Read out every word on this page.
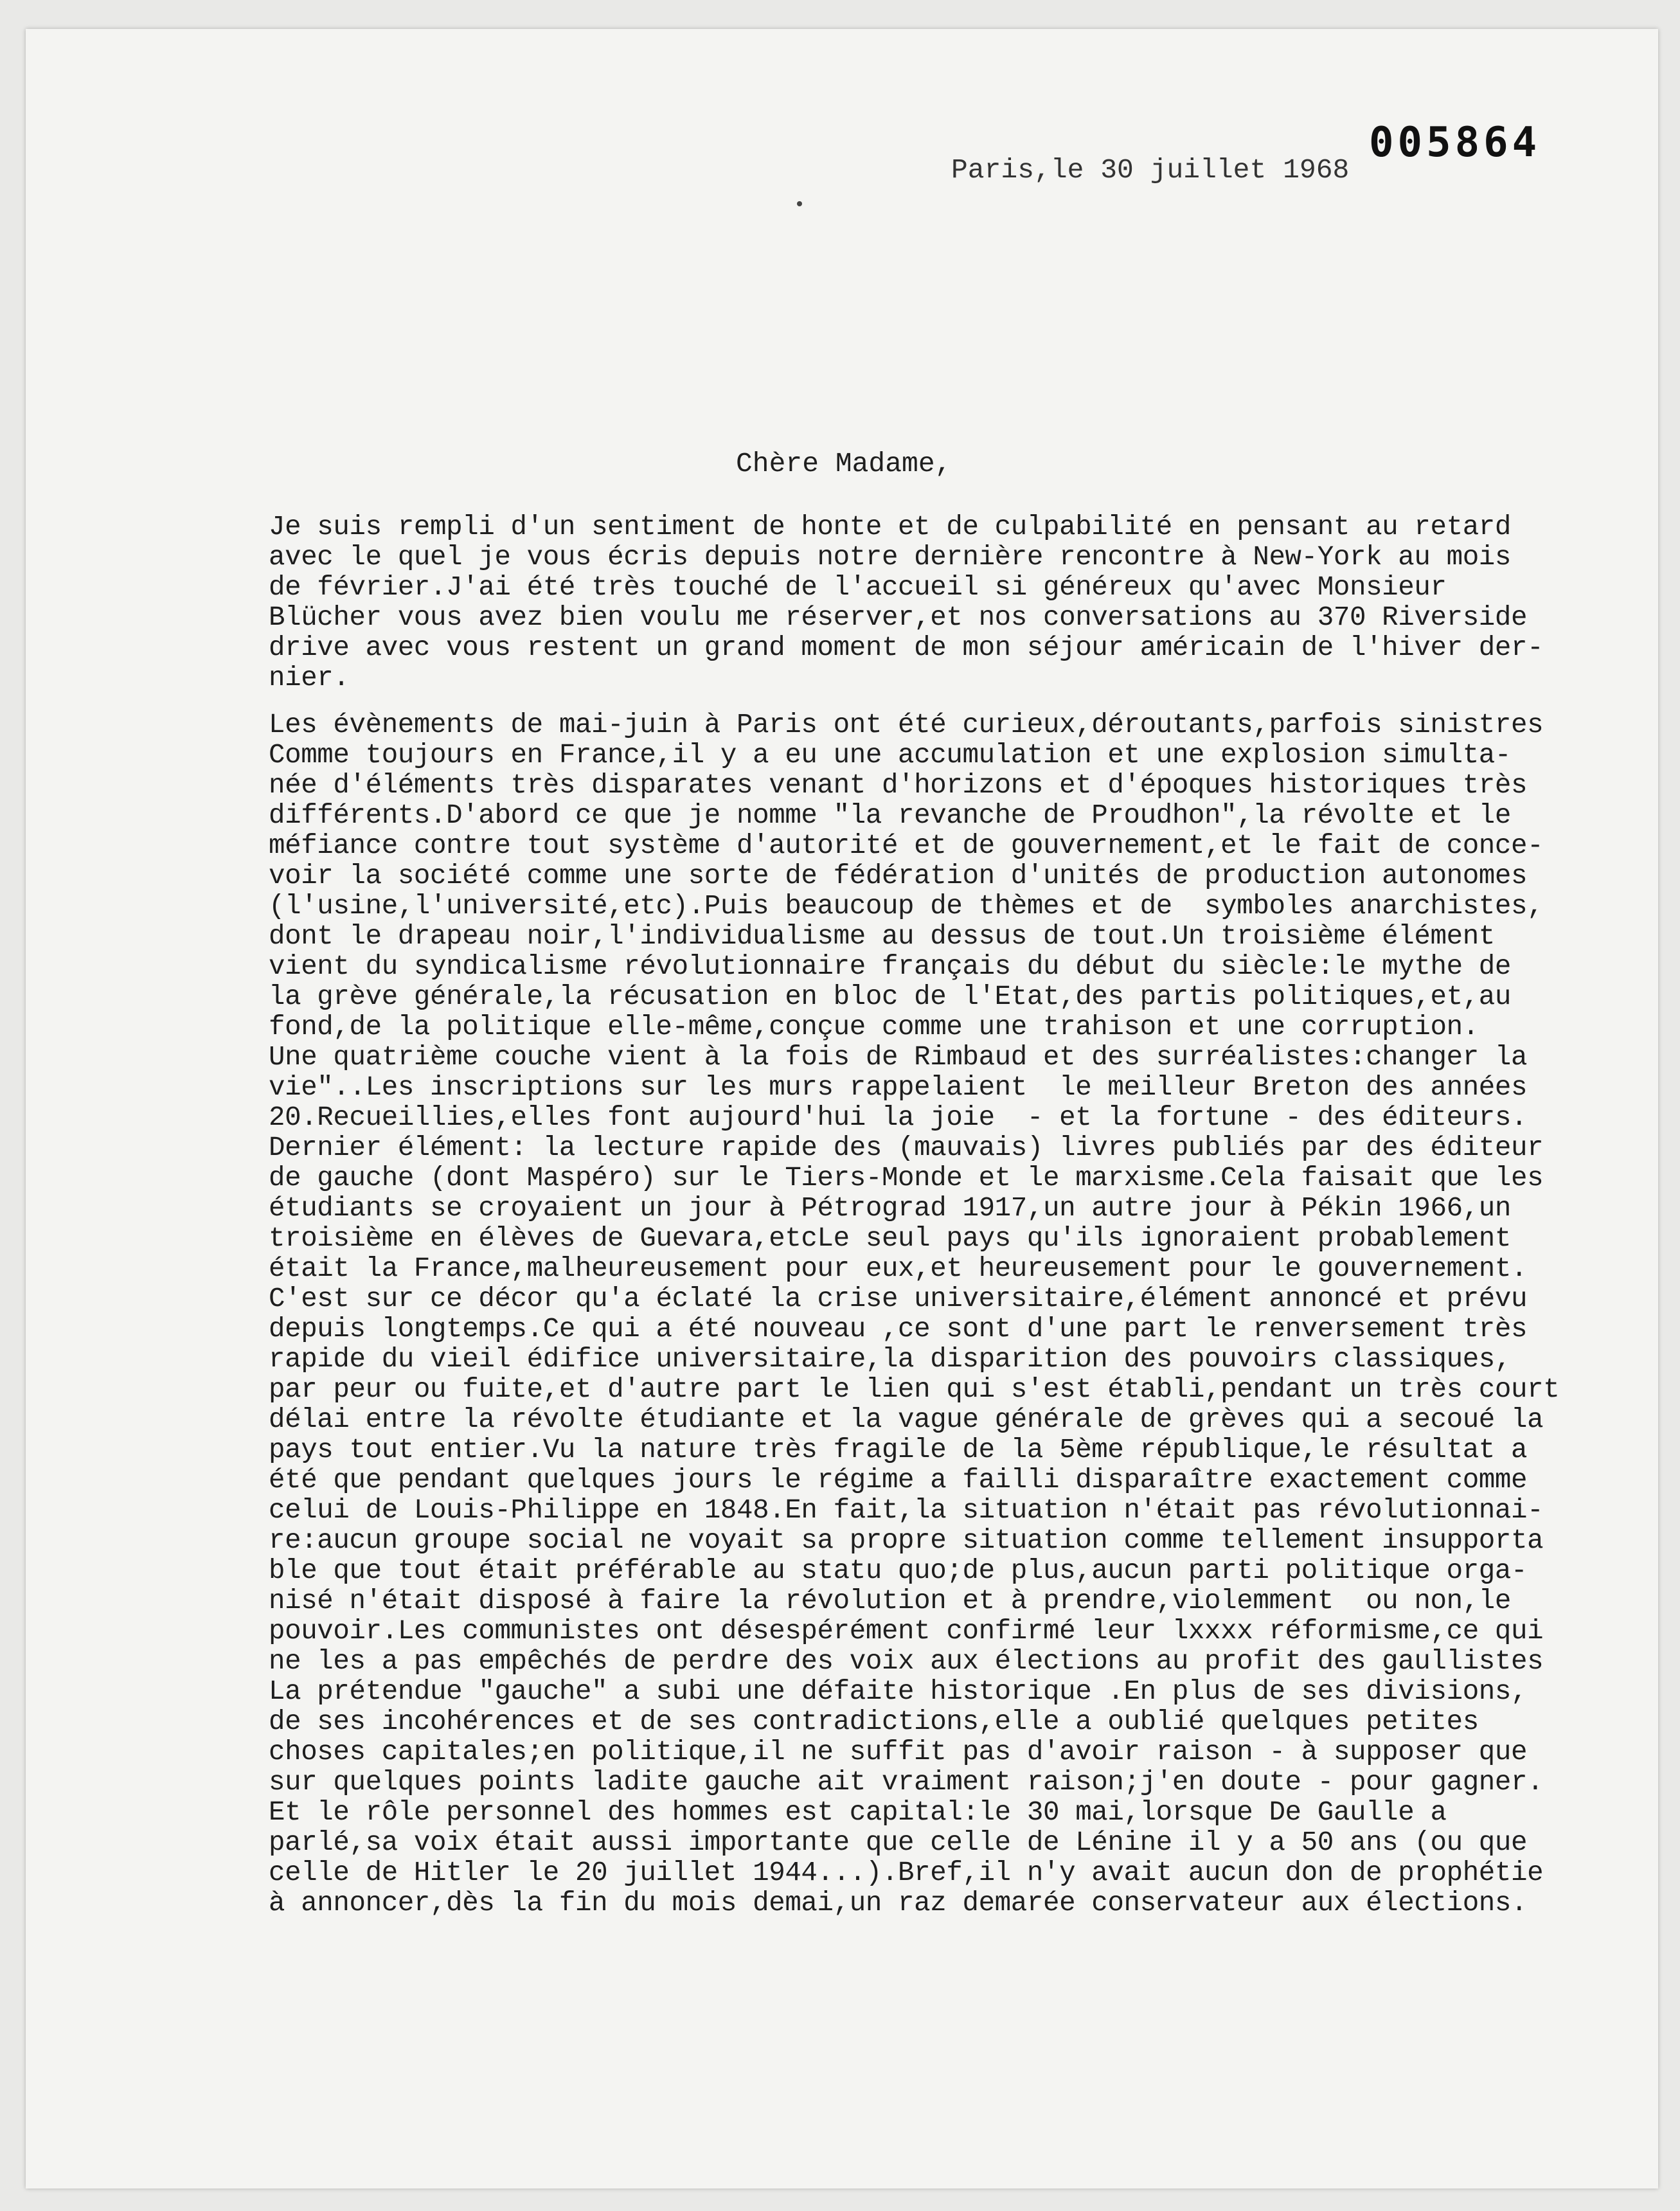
005864
Paris,le 30 juillet 1968
Chère Madame,
Je suis rempli d'un sentiment de honte et de culpabilité en pensant au retard
avec le quel je vous écris depuis notre dernière rencontre à New-York au mois
de février.J'ai été très touché de l'accueil si généreux qu'avec Monsieur
Blücher vous avez bien voulu me réserver,et nos conversations au 370 Riverside
drive avec vous restent un grand moment de mon séjour américain de l'hiver der-
nier.
Les évènements de mai-juin à Paris ont été curieux,déroutants,parfois sinistres
Comme toujours en France,il y a eu une accumulation et une explosion simulta-
née d'éléments très disparates venant d'horizons et d'époques historiques très
différents.D'abord ce que je nomme "la revanche de Proudhon",la révolte et le
méfiance contre tout système d'autorité et de gouvernement,et le fait de conce-
voir la société comme une sorte de fédération d'unités de production autonomes
(l'usine,l'université,etc).Puis beaucoup de thèmes et de  symboles anarchistes,
dont le drapeau noir,l'individualisme au dessus de tout.Un troisième élément
vient du syndicalisme révolutionnaire français du début du siècle:le mythe de
la grève générale,la récusation en bloc de l'Etat,des partis politiques,et,au
fond,de la politique elle-même,conçue comme une trahison et une corruption.
Une quatrième couche vient à la fois de Rimbaud et des surréalistes:changer la
vie"..Les inscriptions sur les murs rappelaient  le meilleur Breton des années
20.Recueillies,elles font aujourd'hui la joie  - et la fortune - des éditeurs.
Dernier élément: la lecture rapide des (mauvais) livres publiés par des éditeur
de gauche (dont Maspéro) sur le Tiers-Monde et le marxisme.Cela faisait que les
étudiants se croyaient un jour à Pétrograd 1917,un autre jour à Pékin 1966,un
troisième en élèves de Guevara,etcLe seul pays qu'ils ignoraient probablement
était la France,malheureusement pour eux,et heureusement pour le gouvernement.
C'est sur ce décor qu'a éclaté la crise universitaire,élément annoncé et prévu
depuis longtemps.Ce qui a été nouveau ,ce sont d'une part le renversement très
rapide du vieil édifice universitaire,la disparition des pouvoirs classiques,
par peur ou fuite,et d'autre part le lien qui s'est établi,pendant un très court
délai entre la révolte étudiante et la vague générale de grèves qui a secoué la
pays tout entier.Vu la nature très fragile de la 5ème république,le résultat a
été que pendant quelques jours le régime a failli disparaître exactement comme
celui de Louis-Philippe en 1848.En fait,la situation n'était pas révolutionnai-
re:aucun groupe social ne voyait sa propre situation comme tellement insupporta
ble que tout était préférable au statu quo;de plus,aucun parti politique orga-
nisé n'était disposé à faire la révolution et à prendre,violemment  ou non,le
pouvoir.Les communistes ont désespérément confirmé leur lxxxx réformisme,ce qui
ne les a pas empêchés de perdre des voix aux élections au profit des gaullistes
La prétendue "gauche" a subi une défaite historique .En plus de ses divisions,
de ses incohérences et de ses contradictions,elle a oublié quelques petites
choses capitales;en politique,il ne suffit pas d'avoir raison - à supposer que
sur quelques points ladite gauche ait vraiment raison;j'en doute - pour gagner.
Et le rôle personnel des hommes est capital:le 30 mai,lorsque De Gaulle a
parlé,sa voix était aussi importante que celle de Lénine il y a 50 ans (ou que
celle de Hitler le 20 juillet 1944...).Bref,il n'y avait aucun don de prophétie
à annoncer,dès la fin du mois demai,un raz demarée conservateur aux élections.
